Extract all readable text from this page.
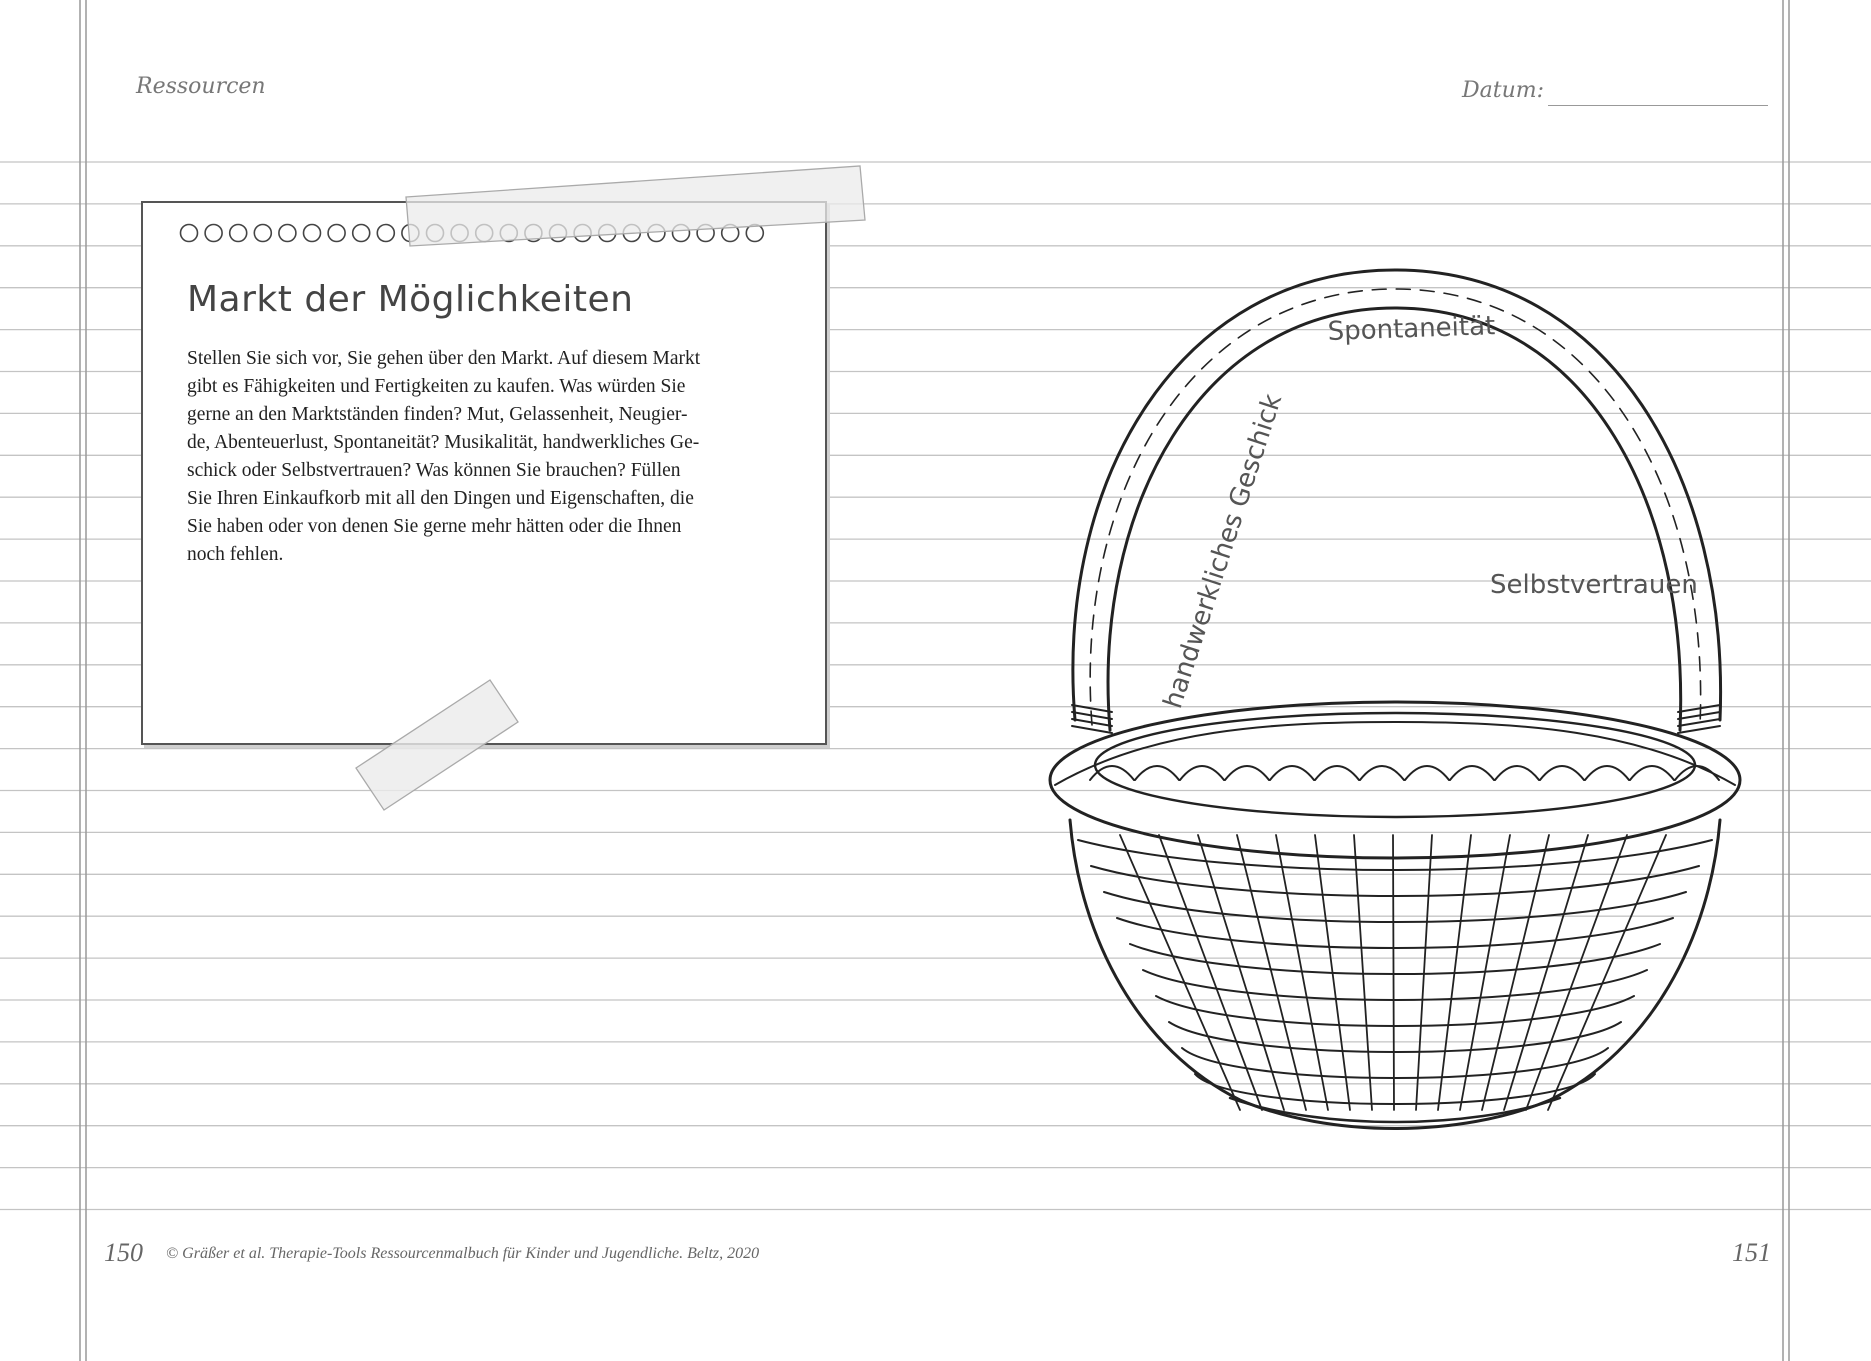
Ressourcen	Datum:
Markt der Möglichkeiten

Stellen Sie sich vor, Sie gehen über den Markt. Auf diesem Markt
gibt es Fähigkeiten und Fertigkeiten zu kaufen. Was würden Sie
gerne an den Marktständen finden? Mut, Gelassenheit, Neugier-
de, Abenteuerlust, Spontaneität? Musikalität, handwerkliches Ge-
schick oder Selbstvertrauen? Was können Sie brauchen? Füllen
Sie Ihren Einkaufkorb mit all den Dingen und Eigenschaften, die
Sie haben oder von denen Sie gerne mehr hätten oder die Ihnen
noch fehlen.

Spontaneität
Selbstvertrauen
handwerkliches Geschick
150 © Gräßer et al. Therapie-Tools Ressourcenmalbuch für Kinder und Jugendliche. Beltz, 2020	151
